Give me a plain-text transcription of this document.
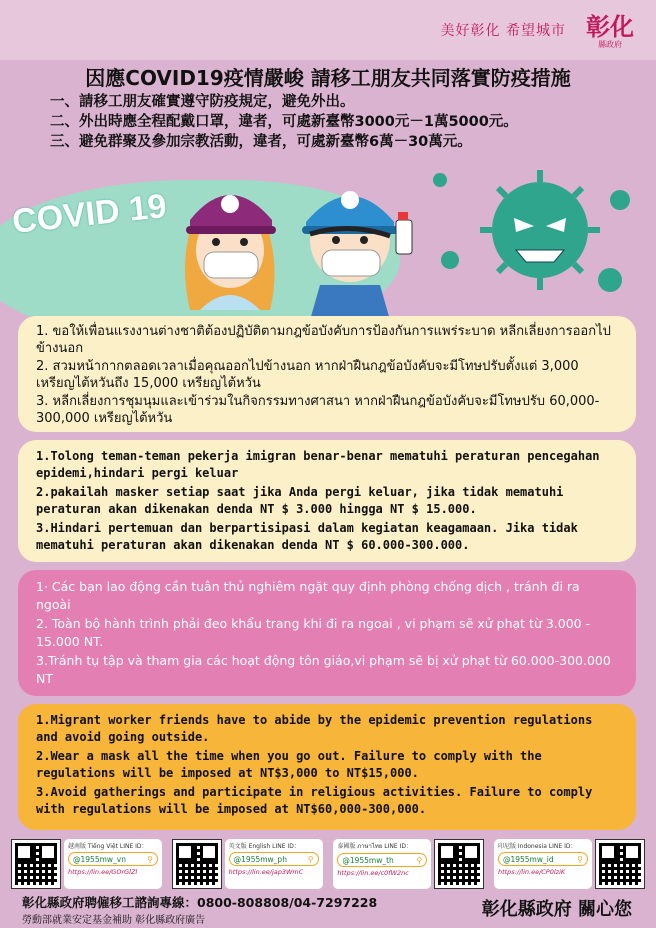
美好彰化 希望城市 彰化
縣政府
因應COVID19疫情嚴峻 請移工朋友共同落實防疫措施
一、請移工朋友確實遵守防疫規定，避免外出。
二、外出時應全程配戴口罩，違者，可處新臺幣3000元－1萬5000元。
三、避免群聚及參加宗教活動，違者，可處新臺幣6萬－30萬元。
COVID 19
1. ขอให้เพื่อนแรงงานต่างชาติต้องปฏิบัติตามกฎข้อบังคับการป้องกันการแพร่ระบาด หลีกเลี่ยงการออกไปข้างนอก
2. สวมหน้ากากตลอดเวลาเมื่อคุณออกไปข้างนอก หากฝ่าฝืนกฎข้อบังคับจะมีโทษปรับตั้งแต่ 3,000 เหรียญไต้หวันถึง 15,000 เหรียญไต้หวัน
3. หลีกเลี่ยงการชุมนุมและเข้าร่วมในกิจกรรมทางศาสนา หากฝ่าฝืนกฎข้อบังคับจะมีโทษปรับ 60,000-300,000 เหรียญไต้หวัน
1.Tolong teman-teman pekerja imigran benar-benar mematuhi peraturan pencegahan epidemi,hindari pergi keluar
2.pakailah masker setiap saat jika Anda pergi keluar, jika tidak mematuhi peraturan akan dikenakan denda NT $ 3.000 hingga NT $ 15.000.
3.Hindari pertemuan dan berpartisipasi dalam kegiatan keagamaan. Jika tidak mematuhi peraturan akan dikenakan denda NT $ 60.000-300.000.
1· Các bạn lao động cần tuân thủ nghiêm ngặt quy định phòng chống dịch , tránh đi ra ngoài
2. Toàn bộ hành trình phải đeo khẩu trang khi đi ra ngoai , vi phạm sẽ xử phạt từ 3.000 - 15.000 NT.
3.Tránh tụ tập và tham gia các hoạt động tôn giáo,vi phạm sẽ bị xử phạt từ 60.000-300.000 NT
1.Migrant worker friends have to abide by the epidemic prevention regulations and avoid going outside.
2.Wear a mask all the time when you go out. Failure to comply with the regulations will be imposed at NT$3,000 to NT$15,000.
3.Avoid gatherings and participate in religious activities. Failure to comply with regulations will be imposed at NT$60,000-300,000.
越南版 Tiếng Việt LINE ID：
@1955mw_vn	⚲
https://lin.ee/GOrGlZl
英文版 English LINE ID：
@1955mw_ph	⚲
https://lin.ee/jap3WmC
泰國版 ภาษาไทย LINE ID：
@1955mw_th	⚲
https://lin.ee/c0fW2nc
印尼版 Indonesia LINE ID：
@1955mw_id	⚲
https://lin.ee/CP0lziK
彰化縣政府聘僱移工諮詢專線：0800-808808/04-7297228
勞動部就業安定基金補助 彰化縣政府廣告
彰化縣政府 關心您
